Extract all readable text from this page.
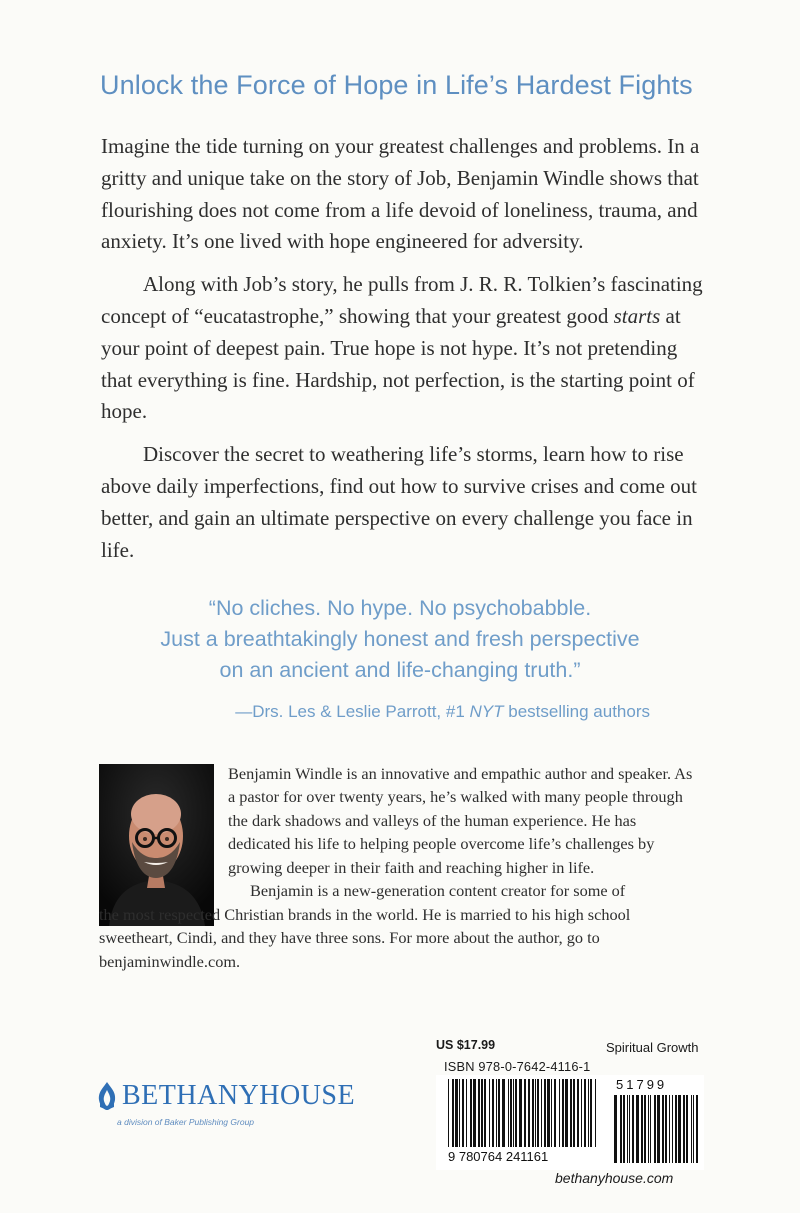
Unlock the Force of Hope in Life’s Hardest Fights

Imagine the tide turning on your greatest challenges and problems. In a gritty and unique take on the story of Job, Benjamin Windle shows that flourishing does not come from a life devoid of loneliness, trauma, and anxiety. It’s one lived with hope engineered for adversity.

Along with Job’s story, he pulls from J. R. R. Tolkien’s fascinating concept of “eucatastrophe,” showing that your greatest good starts at your point of deepest pain. True hope is not hype. It’s not pretending that everything is fine. Hardship, not perfection, is the starting point of hope.

Discover the secret to weathering life’s storms, learn how to rise above daily imperfections, find out how to survive crises and come out better, and gain an ultimate perspective on every challenge you face in life.

“No cliches. No hype. No psychobabble.
Just a breathtakingly honest and fresh perspective
on an ancient and life-changing truth.”
—Drs. Les & Leslie Parrott, #1 NYT bestselling authors

Benjamin Windle is an innovative and empathic author and speaker. As a pastor for over twenty years, he’s walked with many people through the dark shadows and valleys of the human experience. He has dedicated his life to helping people overcome life’s challenges by growing deeper in their faith and reaching higher in life.

Benjamin is a new-generation content creator for some of

the most respected Christian brands in the world. He is married to his high school sweetheart, Cindi, and they have three sons. For more about the author, go to benjaminwindle.com.

US $17.99	Spiritual Growth
ISBN 978-0-7642-4116-1
9 780764 241161
51799
BETHANYHOUSE
a division of Baker Publishing Group
bethanyhouse.com
